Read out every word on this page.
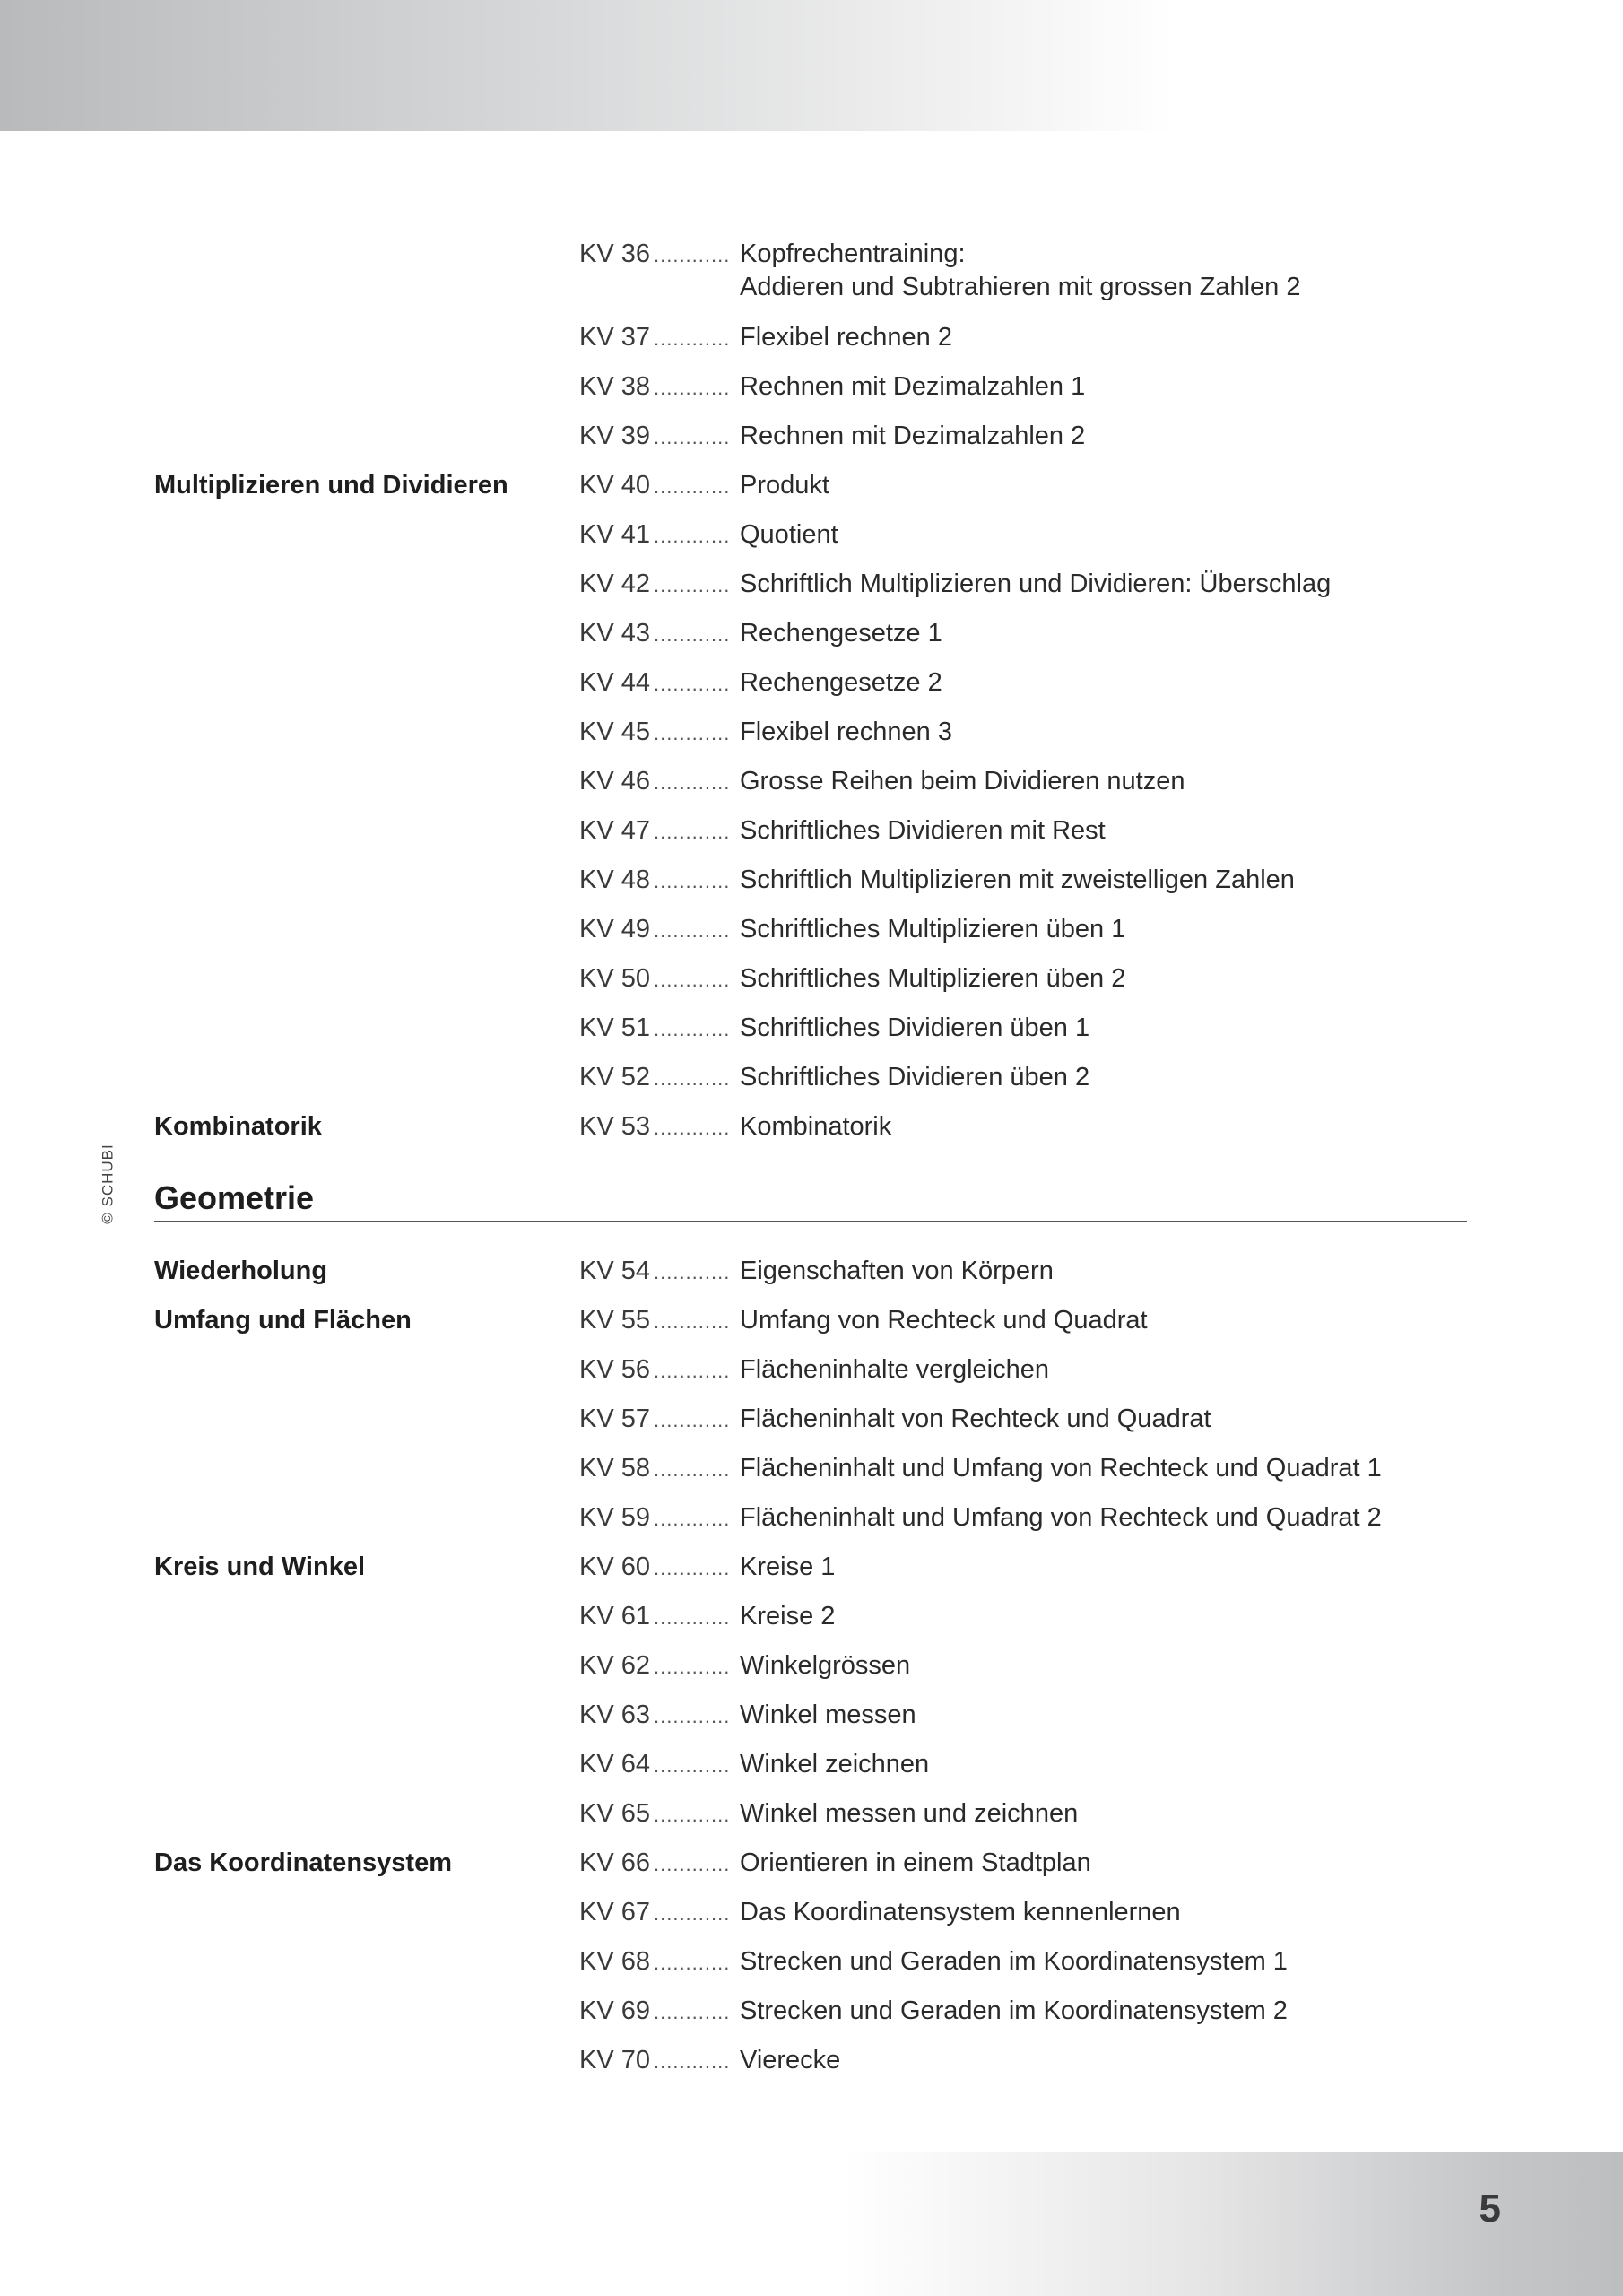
© SCHUBI
KV 36 ............ Kopfrechentraining:
Addieren und Subtrahieren mit grossen Zahlen 2
KV 37 ............ Flexibel rechnen 2
KV 38 ............ Rechnen mit Dezimalzahlen 1
KV 39 ............ Rechnen mit Dezimalzahlen 2
Multiplizieren und Dividieren	KV 40 ............ Produkt
KV 41 ............ Quotient
KV 42 ............ Schriftlich Multiplizieren und Dividieren: Überschlag
KV 43 ............ Rechengesetze 1
KV 44 ............ Rechengesetze 2
KV 45 ............ Flexibel rechnen 3
KV 46 ............ Grosse Reihen beim Dividieren nutzen
KV 47 ............ Schriftliches Dividieren mit Rest
KV 48 ............ Schriftlich Multiplizieren mit zweistelligen Zahlen
KV 49 ............ Schriftliches Multiplizieren üben 1
KV 50 ............ Schriftliches Multiplizieren üben 2
KV 51 ............ Schriftliches Dividieren üben 1
KV 52 ............ Schriftliches Dividieren üben 2
Kombinatorik	KV 53 ............ Kombinatorik
Wiederholung	KV 54 ............ Eigenschaften von Körpern
Umfang und Flächen	KV 55 ............ Umfang von Rechteck und Quadrat
KV 56 ............ Flächeninhalte vergleichen
KV 57 ............ Flächeninhalt von Rechteck und Quadrat
KV 58 ............ Flächeninhalt und Umfang von Rechteck und Quadrat 1
KV 59 ............ Flächeninhalt und Umfang von Rechteck und Quadrat 2
Kreis und Winkel	KV 60 ............ Kreise 1
KV 61 ............ Kreise 2
KV 62 ............ Winkelgrössen
KV 63 ............ Winkel messen
KV 64 ............ Winkel zeichnen
KV 65 ............ Winkel messen und zeichnen
Das Koordinatensystem	KV 66 ............ Orientieren in einem Stadtplan
KV 67 ............ Das Koordinatensystem kennenlernen
KV 68 ............ Strecken und Geraden im Koordinatensystem 1
KV 69 ............ Strecken und Geraden im Koordinatensystem 2
KV 70 ............ Vierecke
Geometrie
5
